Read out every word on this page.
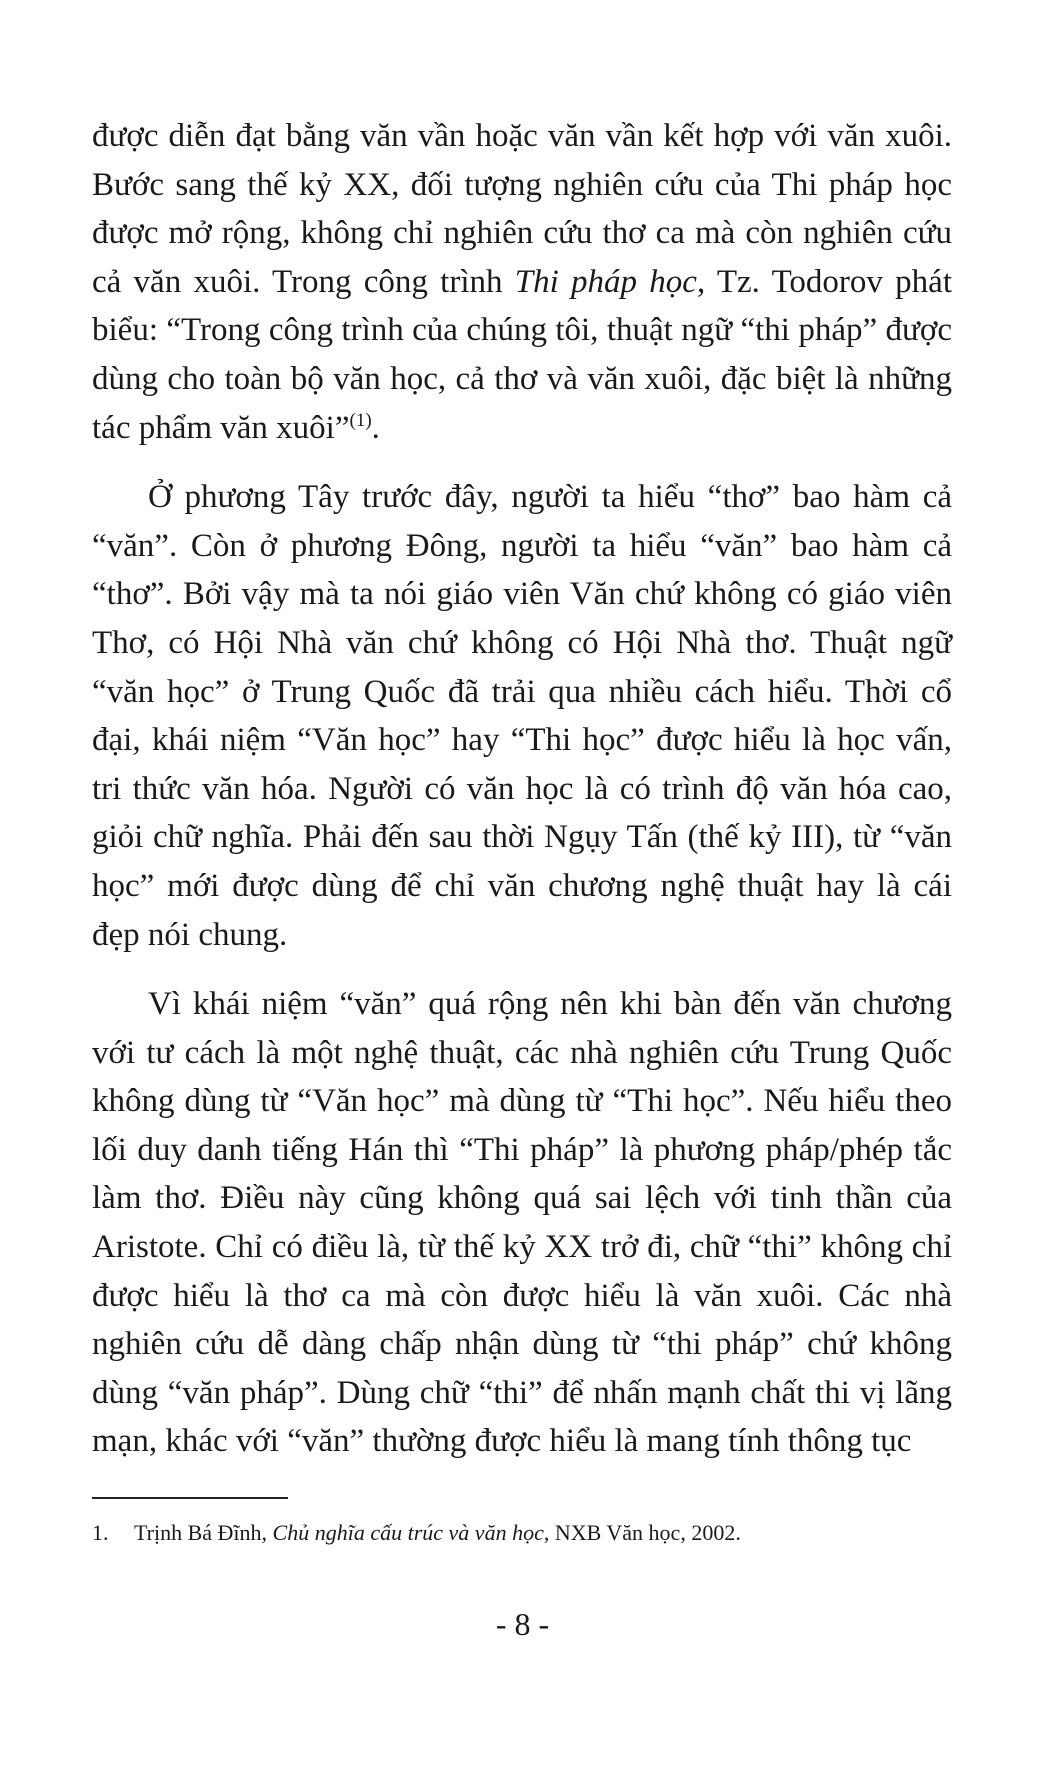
được diễn đạt bằng văn vần hoặc văn vần kết hợp với văn xuôi. Bước sang thế kỷ XX, đối tượng nghiên cứu của Thi pháp học được mở rộng, không chỉ nghiên cứu thơ ca mà còn nghiên cứu cả văn xuôi. Trong công trình Thi pháp học, Tz. Todorov phát biểu: “Trong công trình của chúng tôi, thuật ngữ “thi pháp” được dùng cho toàn bộ văn học, cả thơ và văn xuôi, đặc biệt là những tác phẩm văn xuôi”$^{(1)}$.

Ở phương Tây trước đây, người ta hiểu “thơ” bao hàm cả “văn”. Còn ở phương Đông, người ta hiểu “văn” bao hàm cả “thơ”. Bởi vậy mà ta nói giáo viên Văn chứ không có giáo viên Thơ, có Hội Nhà văn chứ không có Hội Nhà thơ. Thuật ngữ “văn học” ở Trung Quốc đã trải qua nhiều cách hiểu. Thời cổ đại, khái niệm “Văn học” hay “Thi học” được hiểu là học vấn, tri thức văn hóa. Người có văn học là có trình độ văn hóa cao, giỏi chữ nghĩa. Phải đến sau thời Ngụy Tấn (thế kỷ III), từ “văn học” mới được dùng để chỉ văn chương nghệ thuật hay là cái đẹp nói chung.

Vì khái niệm “văn” quá rộng nên khi bàn đến văn chương với tư cách là một nghệ thuật, các nhà nghiên cứu Trung Quốc không dùng từ “Văn học” mà dùng từ “Thi học”. Nếu hiểu theo lối duy danh tiếng Hán thì “Thi pháp” là phương pháp/phép tắc làm thơ. Điều này cũng không quá sai lệch với tinh thần của Aristote. Chỉ có điều là, từ thế kỷ XX trở đi, chữ “thi” không chỉ được hiểu là thơ ca mà còn được hiểu là văn xuôi. Các nhà nghiên cứu dễ dàng chấp nhận dùng từ “thi pháp” chứ không dùng “văn pháp”. Dùng chữ “thi” để nhấn mạnh chất thi vị lãng mạn, khác với “văn” thường được hiểu là mang tính thông tục

1. Trịnh Bá Đĩnh, Chủ nghĩa cấu trúc và văn học, NXB Văn học, 2002.
- 8 -
